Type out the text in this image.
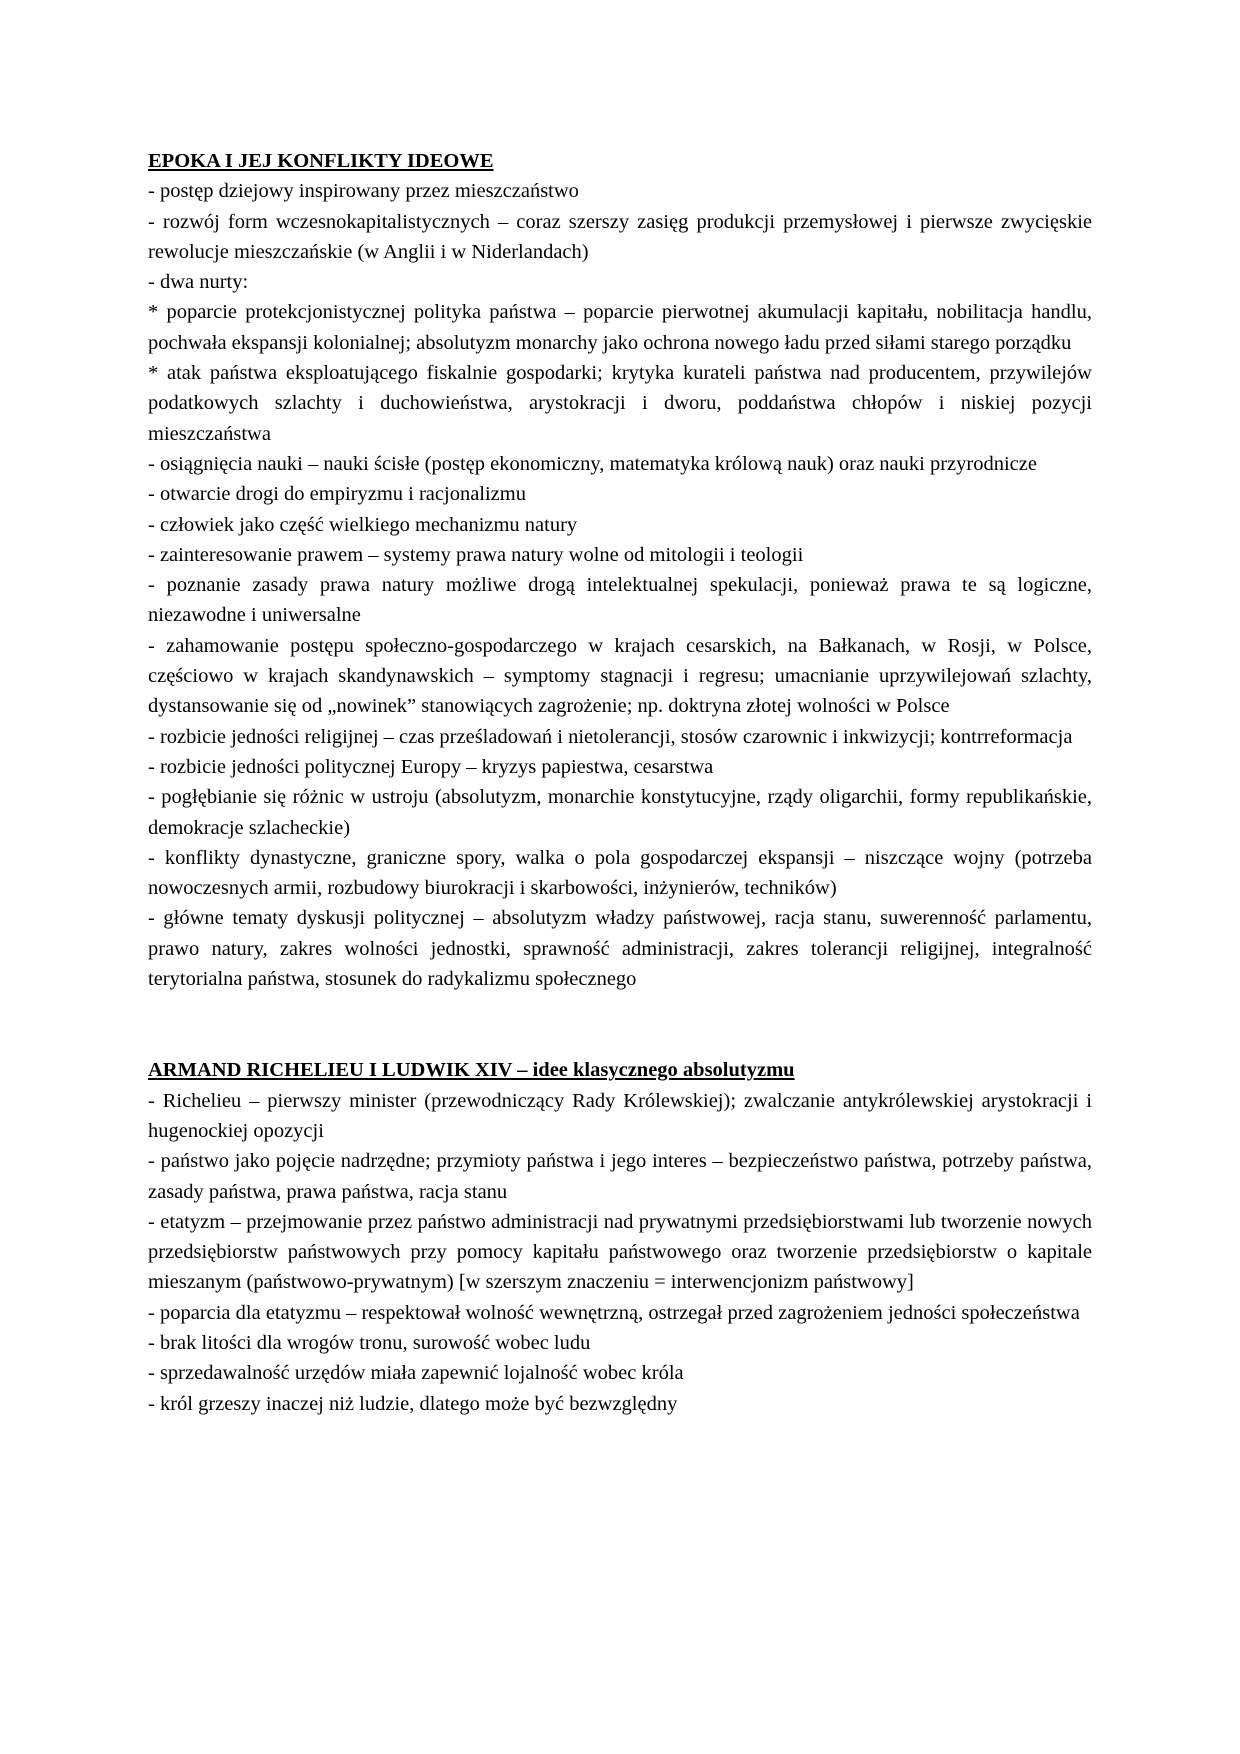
EPOKA I JEJ KONFLIKTY IDEOWE

- postęp dziejowy inspirowany przez mieszczaństwo

- rozwój form wczesnokapitalistycznych – coraz szerszy zasięg produkcji przemysłowej i pierwsze zwycięskie rewolucje mieszczańskie (w Anglii i w Niderlandach)

- dwa nurty:

* poparcie protekcjonistycznej polityka państwa – poparcie pierwotnej akumulacji kapitału, nobilitacja handlu, pochwała ekspansji kolonialnej; absolutyzm monarchy jako ochrona nowego ładu przed siłami starego porządku

* atak państwa eksploatującego fiskalnie gospodarki; krytyka kurateli państwa nad producentem, przywilejów podatkowych szlachty i duchowieństwa, arystokracji i dworu, poddaństwa chłopów i niskiej pozycji mieszczaństwa

- osiągnięcia nauki – nauki ścisłe (postęp ekonomiczny, matematyka królową nauk) oraz nauki przyrodnicze

- otwarcie drogi do empiryzmu i racjonalizmu

- człowiek jako część wielkiego mechanizmu natury

- zainteresowanie prawem – systemy prawa natury wolne od mitologii i teologii

- poznanie zasady prawa natury możliwe drogą intelektualnej spekulacji, ponieważ prawa te są logiczne, niezawodne i uniwersalne

- zahamowanie postępu społeczno-gospodarczego w krajach cesarskich, na Bałkanach, w Rosji, w Polsce, częściowo w krajach skandynawskich – symptomy stagnacji i regresu; umacnianie uprzywilejowań szlachty, dystansowanie się od „nowinek” stanowiących zagrożenie; np. doktryna złotej wolności w Polsce

- rozbicie jedności religijnej – czas prześladowań i nietolerancji, stosów czarownic i inkwizycji; kontrreformacja

- rozbicie jedności politycznej Europy – kryzys papiestwa, cesarstwa

- pogłębianie się różnic w ustroju (absolutyzm, monarchie konstytucyjne, rządy oligarchii, formy republikańskie, demokracje szlacheckie)

- konflikty dynastyczne, graniczne spory, walka o pola gospodarczej ekspansji – niszczące wojny (potrzeba nowoczesnych armii, rozbudowy biurokracji i skarbowości, inżynierów, techników)

- główne tematy dyskusji politycznej – absolutyzm władzy państwowej, racja stanu, suwerenność parlamentu, prawo natury, zakres wolności jednostki, sprawność administracji, zakres tolerancji religijnej, integralność terytorialna państwa, stosunek do radykalizmu społecznego

ARMAND RICHELIEU I LUDWIK XIV – idee klasycznego absolutyzmu

- Richelieu – pierwszy minister (przewodniczący Rady Królewskiej); zwalczanie antykrólewskiej arystokracji i hugenockiej opozycji

- państwo jako pojęcie nadrzędne; przymioty państwa i jego interes – bezpieczeństwo państwa, potrzeby państwa, zasady państwa, prawa państwa, racja stanu

- etatyzm – przejmowanie przez państwo administracji nad prywatnymi przedsiębiorstwami lub tworzenie nowych przedsiębiorstw państwowych przy pomocy kapitału państwowego oraz tworzenie przedsiębiorstw o kapitale mieszanym (państwowo-prywatnym) [w szerszym znaczeniu = interwencjonizm państwowy]

- poparcia dla etatyzmu – respektował wolność wewnętrzną, ostrzegał przed zagrożeniem jedności społeczeństwa

- brak litości dla wrogów tronu, surowość wobec ludu

- sprzedawalność urzędów miała zapewnić lojalność wobec króla

- król grzeszy inaczej niż ludzie, dlatego może być bezwzględny
